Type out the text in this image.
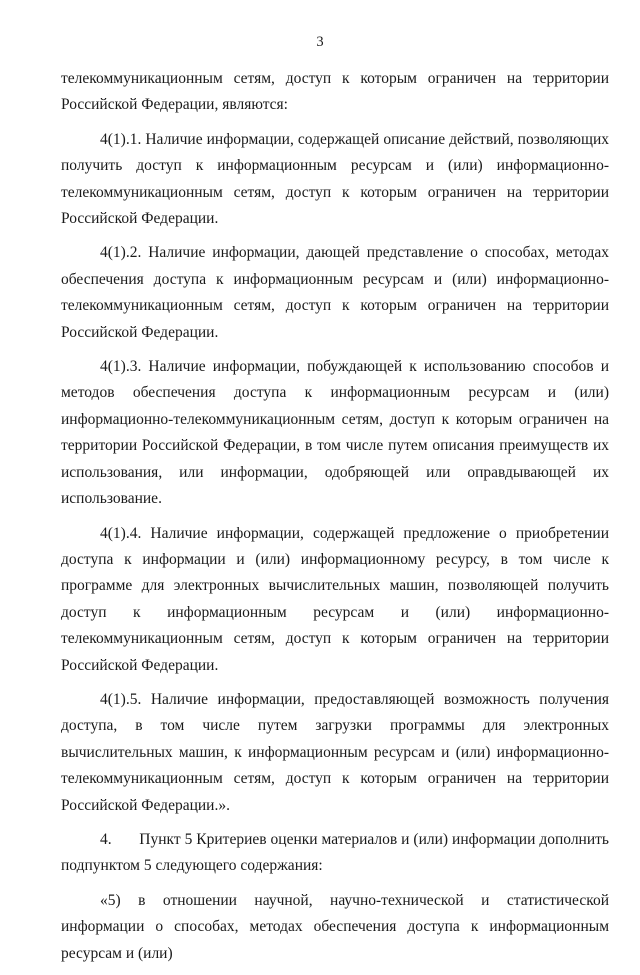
3

телекоммуникационным сетям, доступ к которым ограничен на территории Российской Федерации, являются:

4(1).1. Наличие информации, содержащей описание действий, позволяющих получить доступ к информационным ресурсам и (или) информационно-телекоммуникационным сетям, доступ к которым ограничен на территории Российской Федерации.

4(1).2. Наличие информации, дающей представление о способах, методах обеспечения доступа к информационным ресурсам и (или) информационно-телекоммуникационным сетям, доступ к которым ограничен на территории Российской Федерации.

4(1).3. Наличие информации, побуждающей к использованию способов и методов обеспечения доступа к информационным ресурсам и (или) информационно-телекоммуникационным сетям, доступ к которым ограничен на территории Российской Федерации, в том числе путем описания преимуществ их использования, или информации, одобряющей или оправдывающей их использование.

4(1).4. Наличие информации, содержащей предложение о приобретении доступа к информации и (или) информационному ресурсу, в том числе к программе для электронных вычислительных машин, позволяющей получить доступ к информационным ресурсам и (или) информационно-телекоммуникационным сетям, доступ к которым ограничен на территории Российской Федерации.

4(1).5. Наличие информации, предоставляющей возможность получения доступа, в том числе путем загрузки программы для электронных вычислительных машин, к информационным ресурсам и (или) информационно-телекоммуникационным сетям, доступ к которым ограничен на территории Российской Федерации.».

4.       Пункт 5 Критериев оценки материалов и (или) информации дополнить подпунктом 5 следующего содержания:

«5) в отношении научной, научно-технической и статистической информации о способах, методах обеспечения доступа к информационным ресурсам и (или)
